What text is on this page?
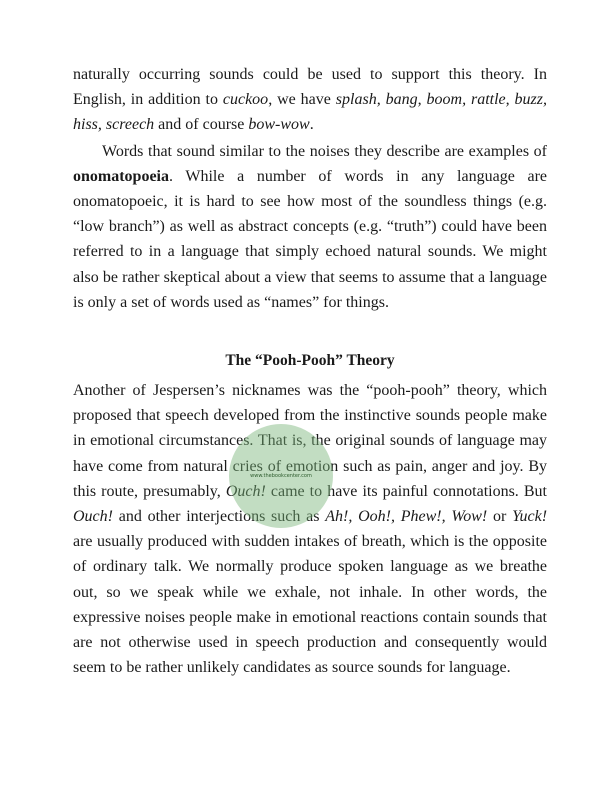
naturally occurring sounds could be used to support this theory. In English, in addition to cuckoo, we have splash, bang, boom, rattle, buzz, hiss, screech and of course bow-wow.

Words that sound similar to the noises they describe are examples of onomatopoeia. While a number of words in any language are onomatopoeic, it is hard to see how most of the soundless things (e.g. “low branch”) as well as abstract concepts (e.g. “truth”) could have been referred to in a language that simply echoed natural sounds. We might also be rather skeptical about a view that seems to assume that a language is only a set of words used as “names” for things.

The “Pooh-Pooh” Theory

Another of Jespersen’s nicknames was the “pooh-pooh” theory, which proposed that speech developed from the instinctive sounds people make in emotional circumstances. That is, the original sounds of language may have come from natural cries of emotion such as pain, anger and joy. By this route, presumably, Ouch! came to have its painful connotations. But Ouch! and other interjections such as Ah!, Ooh!, Phew!, Wow! or Yuck! are usually produced with sudden intakes of breath, which is the opposite of ordinary talk. We normally produce spoken language as we breathe out, so we speak while we exhale, not inhale. In other words, the expressive noises people make in emotional reactions contain sounds that are not otherwise used in speech production and consequently would seem to be rather unlikely candidates as source sounds for language.

www.thebookcenter.com
